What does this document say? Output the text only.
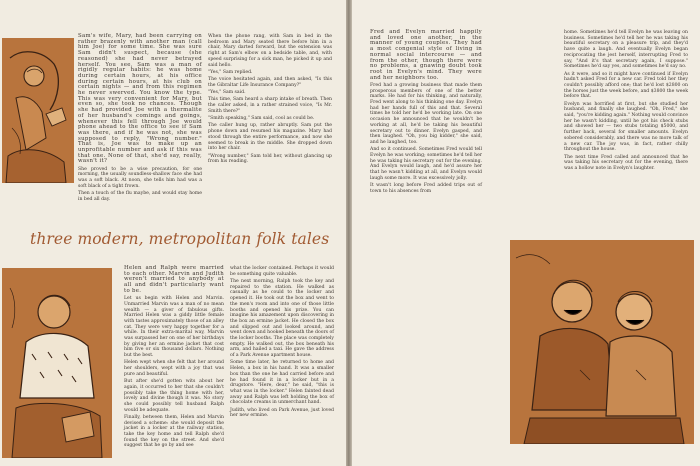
Sam's wife, Mary, had been carrying on rather brazenly with another man (call him Joe) for some time. She was sure Sam didn't suspect, because (she reasoned) she had never betrayed herself. You see, Sam was a man of rigidly regular habits: he was home during certain hours, at his office during certain hours, at his club on certain nights — and from this regimen he never swerved. You know the type. This was very convenient for Mary, but even so, she took no chances. Though she had provided Joe with a thermalite of her husband's comings and goings, whenever this fell through Joe would phone ahead to the office to see if Sam was there, and if he was not, she was supposed to reply, "Wrong number." That is, Joe was to make up an unprofitable number and ask if this was that one. None of that, she'd say, really, wasn't it?

She proved to be a wise precaution, for one morning, the usually soundless-shallow face she had was a soft black. At noon, she tells him had was a soft black of a tight frown.

Then a touch of the flu maybe, and would stay home in bed all day.

When the phone rang, with Sam in bed in the bedroom and Mary seated there before him in a chair, Mary darted forward, but the extension was right at Sam's elbow on a bedside table, and, with speed surprising for a sick man, he picked it up and said hello.

"Yes," Sam replied.

The voice hesitated again, and then asked, "Is this the Gibraltar Life Insurance Company?"

"Yes," Sam said.

This time, Sam heard a sharp intake of breath. Then the caller asked, in a rather strained voice, "Is Mr. Smith there?"

"Smith speaking," Sam said, cool as could be.

The caller hung up, rather abruptly. Sam put the phone down and resumed his magazine. Mary had stood through the entire performance, and now she seemed to break in the middle. She dropped down into her chair.

"Wrong number," Sam told her, without glancing up from his reading.

three modern, metropolitan folk tales

Helen and Ralph were married to each other. Marvin and Judith weren't married to anybody at all and didn't particularly want to be.

Let us begin with Helen and Marvin. Unmarried Marvin was a man of no mean wealth — a giver of fabulous gifts. Married Helen was a giddy little female with tastes approximately those of an alley cat. They were very happy together for a while. In their extra-marital way, Marvin was surpassed her on one of her birthdays by giving her an ermine jacket that cost him five or six thousand dollars. Nothing but the best.

Helen wept when she felt that her around her shoulders, wept with a joy that was pure and beautiful.

But after she'd gotten wits about her again, it occurred to her that she couldn't possibly take the thing home with her, lovely and divine though it was. No story she could possibly tell husband Ralph would be adequate.

Finally, between them, Helen and Marvin devised a scheme: she would deposit the jacket in a locker at the railway station, take the key home and tell Ralph she'd found the key on the street. And she'd suggest that he go by and see

what the locker contained. Perhaps it would be something quite valuable.

The next morning, Ralph took the key and repaired to the station. He walked as casually as he could to the locker and opened it. He took out the box and went to the men's room and into one of those little booths and opened his prize. You can imagine his amazement upon discovering in the box an ermine jacket. He closed the box and slipped out and looked around, and went down and hooked beneath the doors of the locker booths. The place was completely empty. He walked out, the box beneath his arm, and hailed a taxi. He gave the address of a Park Avenue apartment house.

Some time later, he returned to home and Helen, a box in his hand. It was a smaller box than the one he had carried before and he had found it in a locker but in a drugstore. "Here, dear," he said, "this is what was in the locker." Helen fainted dead away and Ralph was left holding the box of chocolate creams in unmerchant hand.

Judith, who lived on Park Avenue, just loved her new ermine.

Fred and Evelyn married happily and loved one another, in the manner of young couples. They had a most congenial style of living in normal social intercourse — and from the other, though there were no problems, a gnawing doubt took root in Evelyn's mind. They were and her neighbors too.

Fred had a growing business that made them prosperous members of one of the better marks. He had for his thinking, and naturally, Fred went along to his thinking one day. Evelyn had her hands full of this and that. Several times he told her he'd be working late. On one occasion he announced that he wouldn't be working at all, he'd be taking his beautiful secretary out to dinner. Evelyn gasped, and then laughed. "Oh, you big kidder," she said, and he laughed, too.

And so it continued. Sometimes Fred would tell Evelyn he was working; sometimes he'd tell her he was taking his secretary out for the evening. And Evelyn would laugh, and he'd assure her that he wasn't kidding at all, and Evelyn would laugh some more. It was excessively jolly.

It wasn't long before Fred added trips out of town to his absences from

home. Sometimes he'd tell Evelyn he was leaving on business. Sometimes he'd tell her he was taking his beautiful secretary on a pleasure trip, and they'd have quite a laugh. And eventually Evelyn began reciprocating the jest herself, interrupting Fred to say, "And it's that secretary again, I suppose." Sometimes he'd say yes, and sometimes he'd say no.

As it were, and so it might have continued if Evelyn hadn't asked Fred for a new car. Fred told her they couldn't possibly afford one; that he'd lost $2800 on the horses just the week before, and $3800 the week before that.

Evelyn was horrified at first, but she studied her husband, and finally she laughed. "Oh, Fred," she said, "you're kidding again." Nothing would convince her he wasn't kidding, until he got his check stubs and showed her — two stubs totaling $5000, and further back, several for smaller amounts. Evelyn sobered considerably, and there was no more talk of a new car. The joy was, in fact, rather chilly throughout the house.

The next time Fred called and announced that he was taking his secretary out for the evening, there was a hollow note in Evelyn's laughter.
